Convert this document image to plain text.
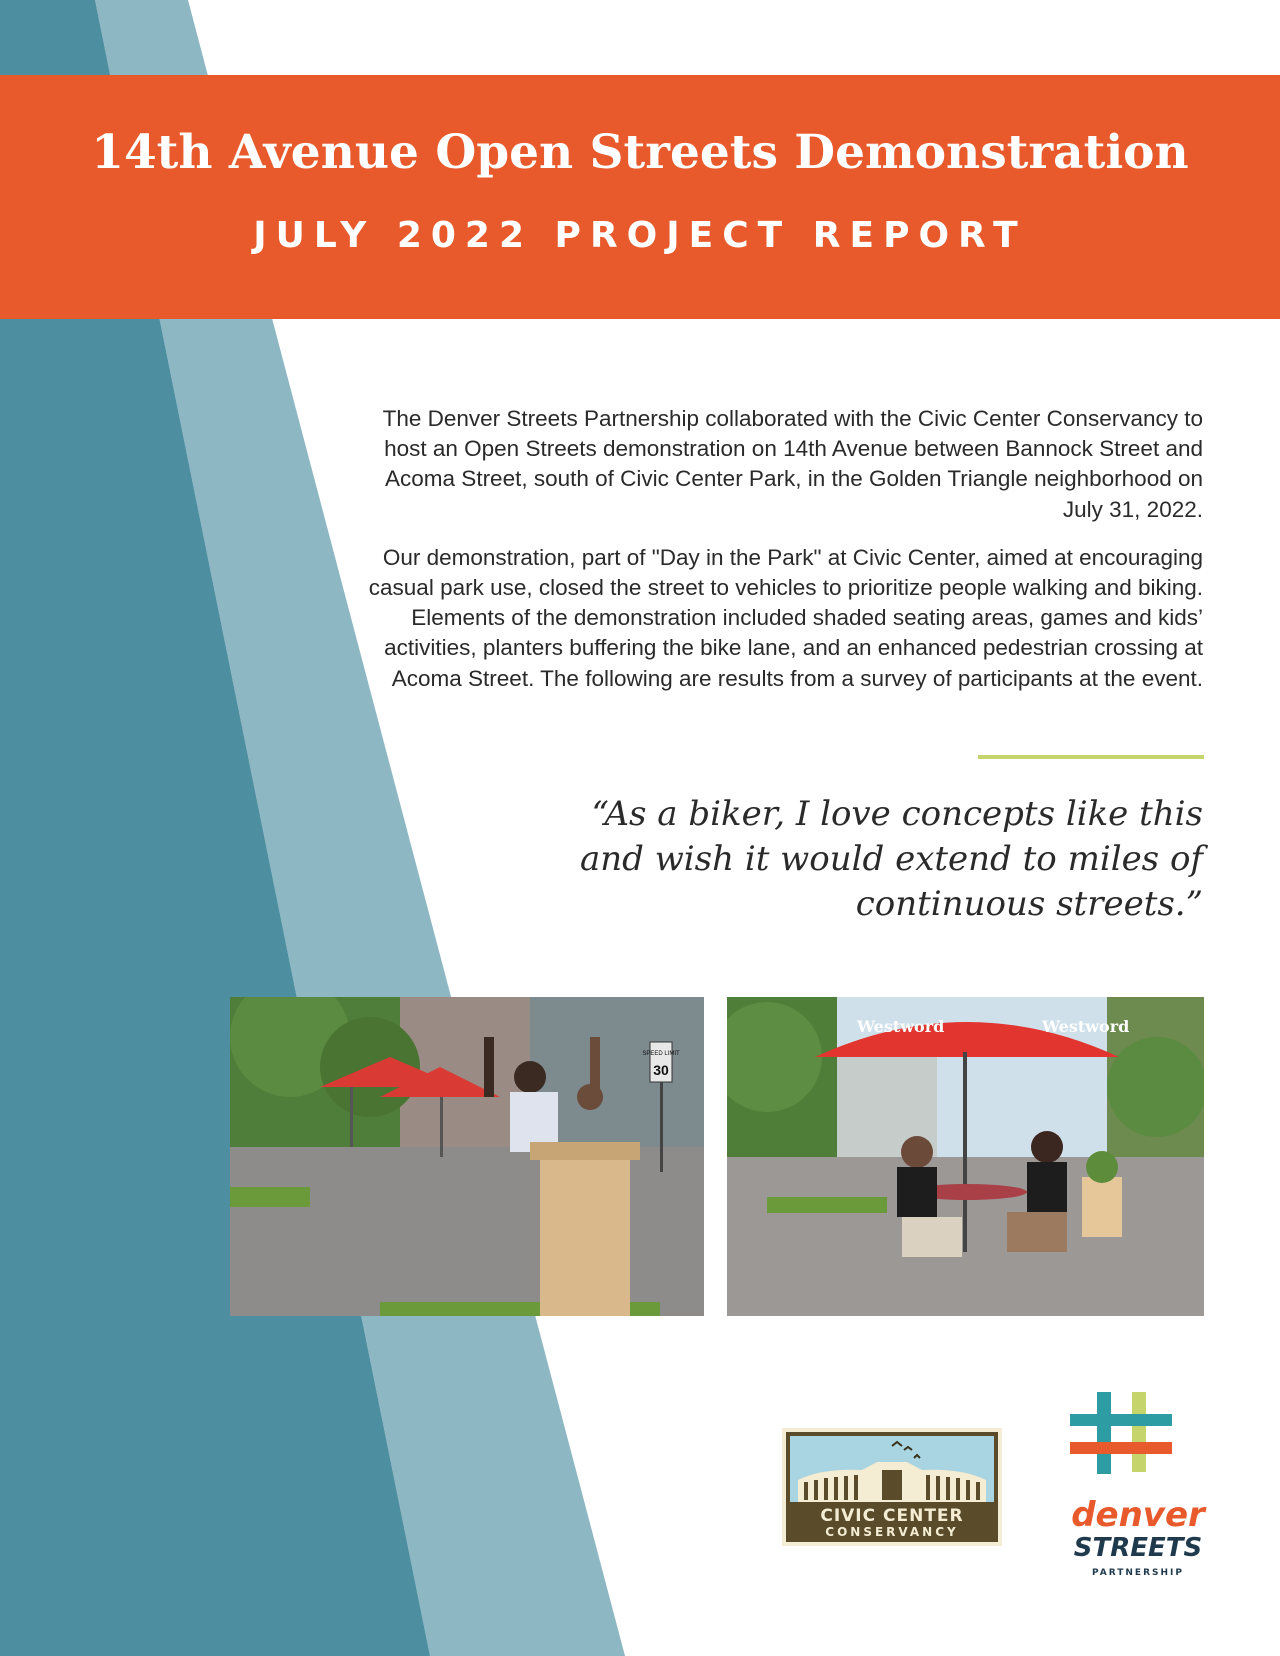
14th Avenue Open Streets Demonstration
JULY 2022 PROJECT REPORT

The Denver Streets Partnership collaborated with the Civic Center Conservancy to host an Open Streets demonstration on 14th Avenue between Bannock Street and Acoma Street, south of Civic Center Park, in the Golden Triangle neighborhood on July 31, 2022.

Our demonstration, part of "Day in the Park" at Civic Center, aimed at encouraging casual park use, closed the street to vehicles to prioritize people walking and biking. Elements of the demonstration included shaded seating areas, games and kids’ activities, planters buffering the bike lane, and an enhanced pedestrian crossing at Acoma Street. The following are results from a survey of participants at the event.

“As a biker, I love concepts like this and wish it would extend to miles of continuous streets.”
SPEED LIMIT
30
Westword	Westword
CIVIC CENTER
CONSERVANCY	denver
STREETS
PARTNERSHIP
